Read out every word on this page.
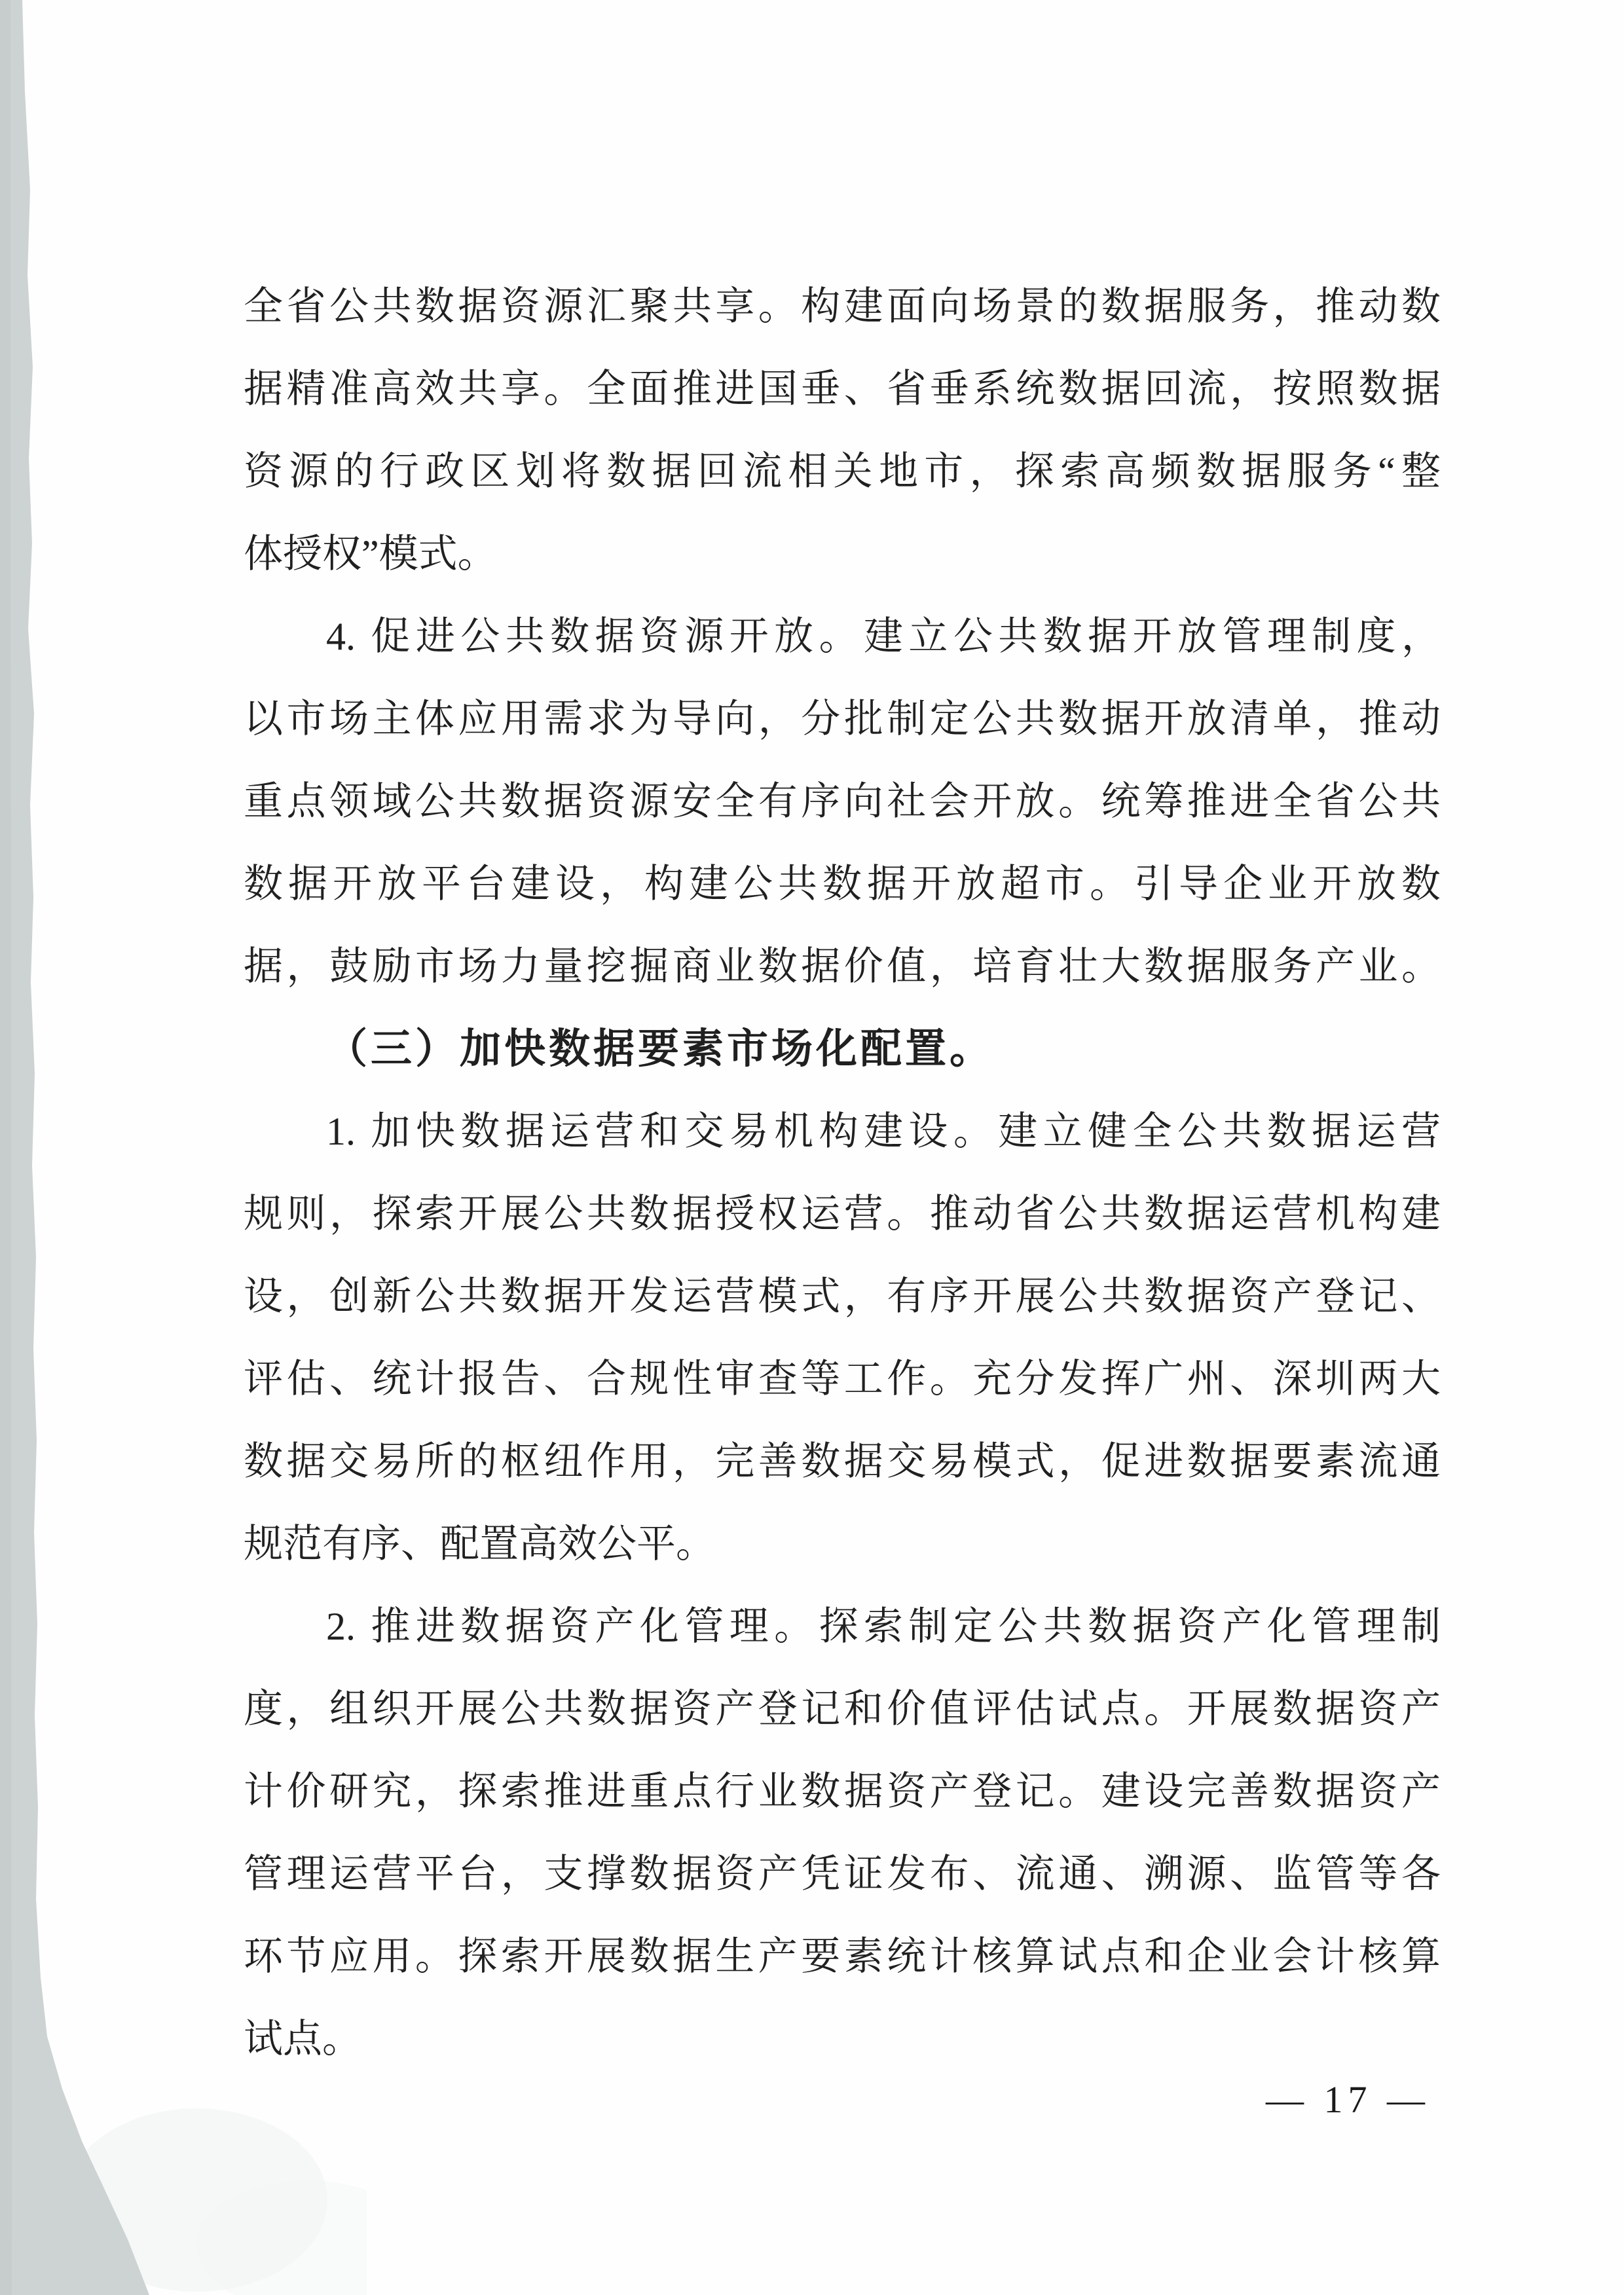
全省公共数据资源汇聚共享。构建面向场景的数据服务，推动数
据精准高效共享。全面推进国垂、省垂系统数据回流，按照数据
资源的行政区划将数据回流相关地市，探索高频数据服务“整
体授权”模式。
4. 促进公共数据资源开放。建立公共数据开放管理制度，
以市场主体应用需求为导向，分批制定公共数据开放清单，推动
重点领域公共数据资源安全有序向社会开放。统筹推进全省公共
数据开放平台建设，构建公共数据开放超市。引导企业开放数
据，鼓励市场力量挖掘商业数据价值，培育壮大数据服务产业。
（三）加快数据要素市场化配置。
1. 加快数据运营和交易机构建设。建立健全公共数据运营
规则，探索开展公共数据授权运营。推动省公共数据运营机构建
设，创新公共数据开发运营模式，有序开展公共数据资产登记、
评估、统计报告、合规性审查等工作。充分发挥广州、深圳两大
数据交易所的枢纽作用，完善数据交易模式，促进数据要素流通
规范有序、配置高效公平。
2. 推进数据资产化管理。探索制定公共数据资产化管理制
度，组织开展公共数据资产登记和价值评估试点。开展数据资产
计价研究，探索推进重点行业数据资产登记。建设完善数据资产
管理运营平台，支撑数据资产凭证发布、流通、溯源、监管等各
环节应用。探索开展数据生产要素统计核算试点和企业会计核算
试点。
— 17 —
